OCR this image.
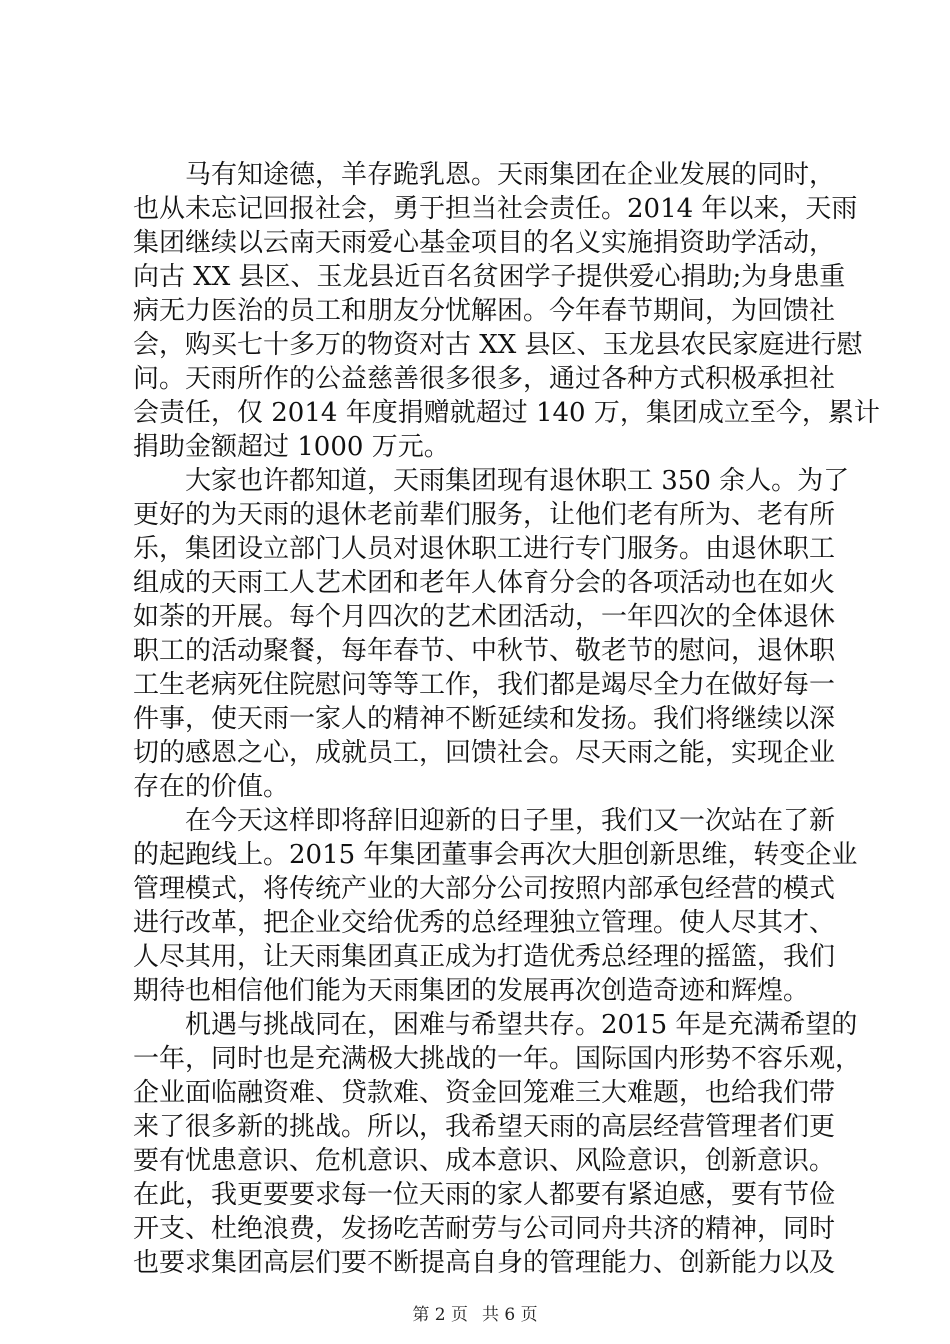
马有知途德，羊存跪乳恩。天雨集团在企业发展的同时，
也从未忘记回报社会，勇于担当社会责任。2014 年以来，天雨
集团继续以云南天雨爱心基金项目的名义实施捐资助学活动，
向古 XX 县区、玉龙县近百名贫困学子提供爱心捐助;为身患重
病无力医治的员工和朋友分忧解困。今年春节期间，为回馈社
会，购买七十多万的物资对古 XX 县区、玉龙县农民家庭进行慰
问。天雨所作的公益慈善很多很多，通过各种方式积极承担社
会责任，仅 2014 年度捐赠就超过 140 万，集团成立至今，累计
捐助金额超过 1000 万元。
大家也许都知道，天雨集团现有退休职工 350 余人。为了
更好的为天雨的退休老前辈们服务，让他们老有所为、老有所
乐，集团设立部门人员对退休职工进行专门服务。由退休职工
组成的天雨工人艺术团和老年人体育分会的各项活动也在如火
如荼的开展。每个月四次的艺术团活动，一年四次的全体退休
职工的活动聚餐，每年春节、中秋节、敬老节的慰问，退休职
工生老病死住院慰问等等工作，我们都是竭尽全力在做好每一
件事，使天雨一家人的精神不断延续和发扬。我们将继续以深
切的感恩之心，成就员工，回馈社会。尽天雨之能，实现企业
存在的价值。
在今天这样即将辞旧迎新的日子里，我们又一次站在了新
的起跑线上。2015 年集团董事会再次大胆创新思维，转变企业
管理模式，将传统产业的大部分公司按照内部承包经营的模式
进行改革，把企业交给优秀的总经理独立管理。使人尽其才、
人尽其用，让天雨集团真正成为打造优秀总经理的摇篮，我们
期待也相信他们能为天雨集团的发展再次创造奇迹和辉煌。
机遇与挑战同在，困难与希望共存。2015 年是充满希望的
一年，同时也是充满极大挑战的一年。国际国内形势不容乐观，
企业面临融资难、贷款难、资金回笼难三大难题，也给我们带
来了很多新的挑战。所以，我希望天雨的高层经营管理者们更
要有忧患意识、危机意识、成本意识、风险意识，创新意识。
在此，我更要要求每一位天雨的家人都要有紧迫感，要有节俭
开支、杜绝浪费，发扬吃苦耐劳与公司同舟共济的精神，同时
也要求集团高层们要不断提高自身的管理能力、创新能力以及
第 2 页 共 6 页
